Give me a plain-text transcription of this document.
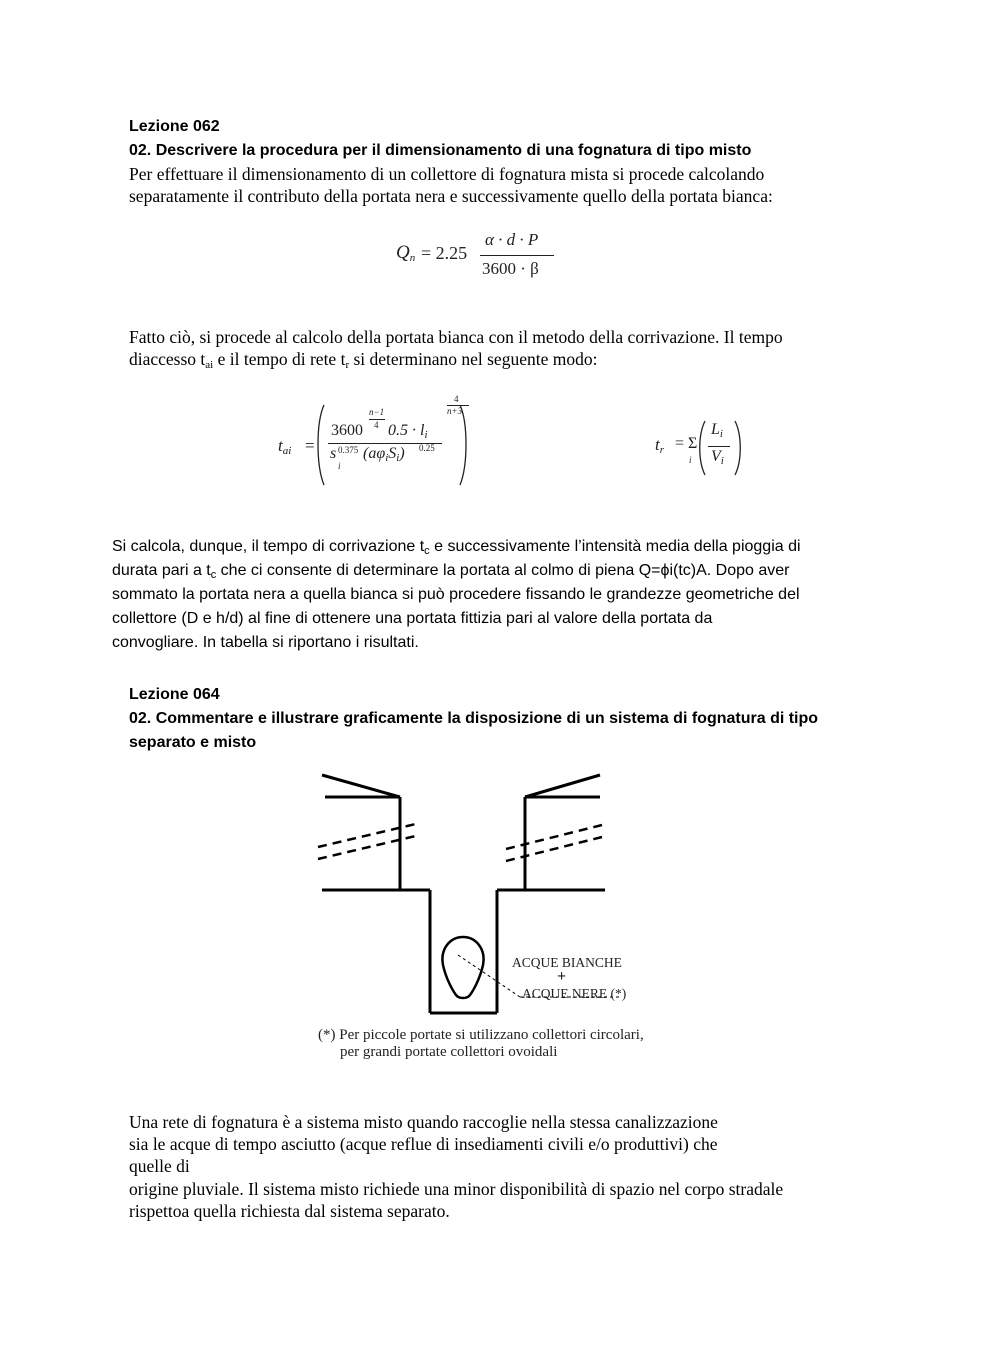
Lezione 062
02. Descrivere la procedura per il dimensionamento di una fognatura di tipo misto
Per effettuare il dimensionamento di un collettore di fognatura mista si procede calcolando
separatamente il contributo della portata nera e successivamente quello della portata bianca:
$Q_n = 2.25$
α · d · P
3600 · β
Fatto ciò, si procede al calcolo della portata bianca con il metodo della corrivazione. Il tempo
diaccesso $t_{ai}$ e il tempo di rete $t_r$ si determinano nel seguente modo:
$t_{ai}$ =
3600
n−1
4 $0.5 \cdot l_i$
s 0.375
i
$(a\varphi_iS_i)$ 0.25
4
n+3
$t_r = \Sigma$
i
$L_i$
$V_i$
Si calcola, dunque, il tempo di corrivazione $t_c$ e successivamente l’intensità media della pioggia di
durata pari a $t_c$ che ci consente di determinare la portata al colmo di piena Q=ϕi(tc)A. Dopo aver
sommato la portata nera a quella bianca si può procedere fissando le grandezze geometriche del
collettore (D e h/d) al fine di ottenere una portata fittizia pari al valore della portata da
convogliare. In tabella si riportano i risultati.
Lezione 064
02. Commentare e illustrare graficamente la disposizione di un sistema di fognatura di tipo
separato e misto
ACQUE BIANCHE
+
ACQUE NERE (*)
(*) Per piccole portate si utilizzano collettori circolari,
per grandi portate collettori ovoidali
Una rete di fognatura è a sistema misto quando raccoglie nella stessa canalizzazione
sia le acque di tempo asciutto (acque reflue di insediamenti civili e/o produttivi) che
quelle di
origine pluviale. Il sistema misto richiede una minor disponibilità di spazio nel corpo stradale
rispettoa quella richiesta dal sistema separato.
